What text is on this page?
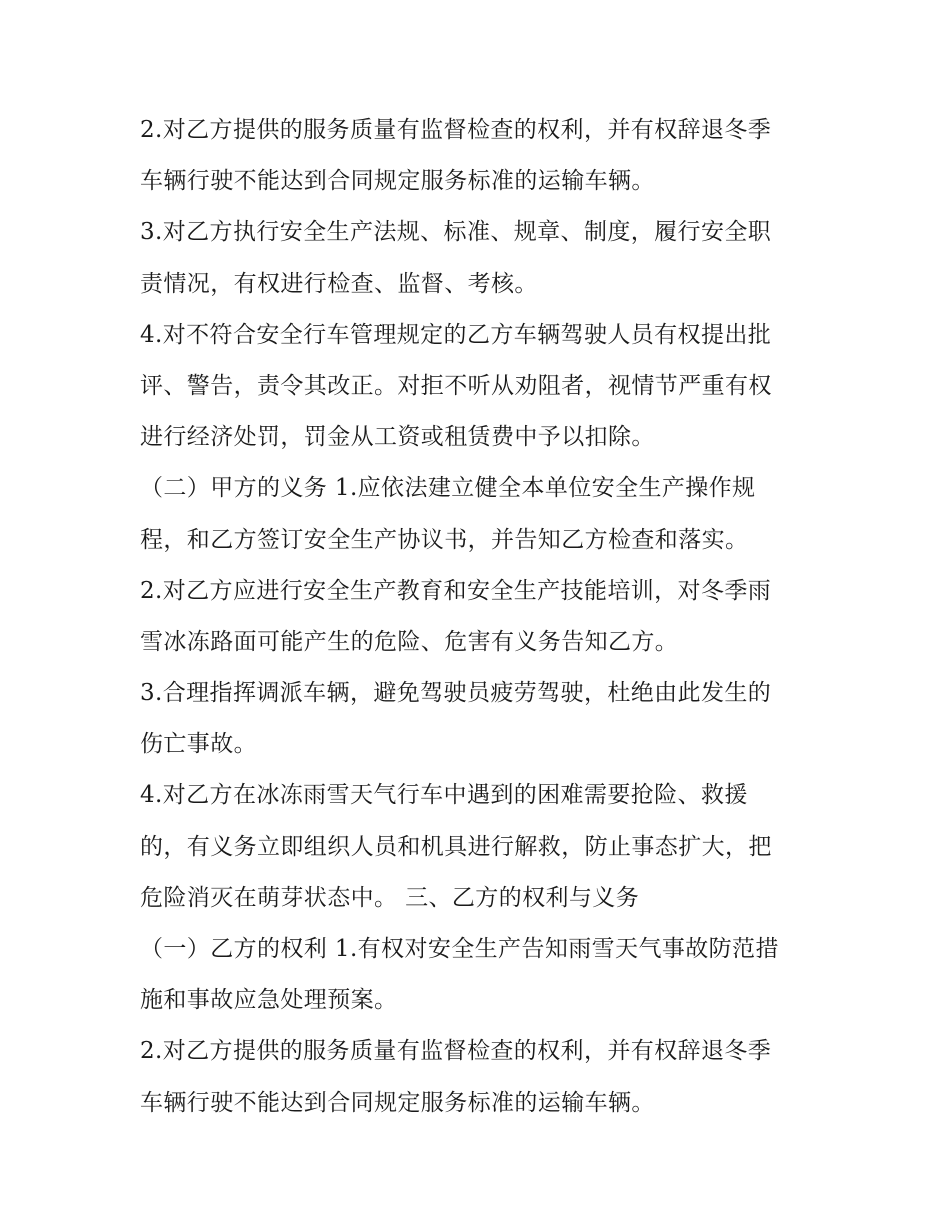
2.对乙方提供的服务质量有监督检查的权利，并有权辞退冬季
车辆行驶不能达到合同规定服务标准的运输车辆。
3.对乙方执行安全生产法规、标准、规章、制度，履行安全职
责情况，有权进行检查、监督、考核。
4.对不符合安全行车管理规定的乙方车辆驾驶人员有权提出批
评、警告，责令其改正。对拒不听从劝阻者，视情节严重有权
进行经济处罚，罚金从工资或租赁费中予以扣除。
（二）甲方的义务 1.应依法建立健全本单位安全生产操作规
程，和乙方签订安全生产协议书，并告知乙方检查和落实。
2.对乙方应进行安全生产教育和安全生产技能培训，对冬季雨
雪冰冻路面可能产生的危险、危害有义务告知乙方。
3.合理指挥调派车辆，避免驾驶员疲劳驾驶，杜绝由此发生的
伤亡事故。
4.对乙方在冰冻雨雪天气行车中遇到的困难需要抢险、救援
的，有义务立即组织人员和机具进行解救，防止事态扩大，把
危险消灭在萌芽状态中。 三、乙方的权利与义务
（一）乙方的权利 1.有权对安全生产告知雨雪天气事故防范措
施和事故应急处理预案。
2.对乙方提供的服务质量有监督检查的权利，并有权辞退冬季
车辆行驶不能达到合同规定服务标准的运输车辆。
